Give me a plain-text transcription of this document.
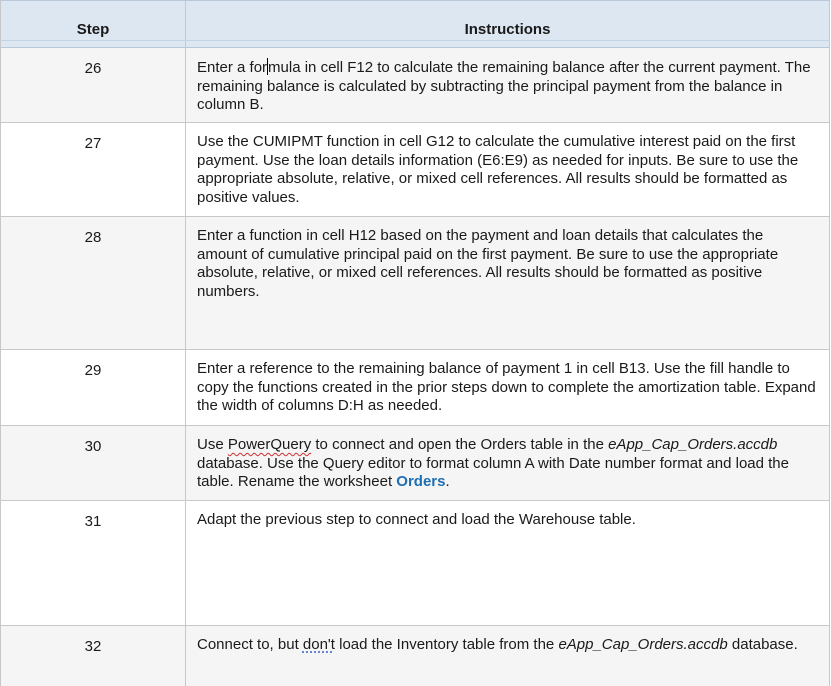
Step	Instructions
26	Enter a formula in cell F12 to calculate the remaining balance after the current payment. The remaining balance is calculated by subtracting the principal payment from the balance in column B.
27	Use the CUMIPMT function in cell G12 to calculate the cumulative interest paid on the first payment. Use the loan details information (E6:E9) as needed for inputs. Be sure to use the appropriate absolute, relative, or mixed cell references. All results should be formatted as positive values.
28	Enter a function in cell H12 based on the payment and loan details that calculates the amount of cumulative principal paid on the first payment. Be sure to use the appropriate absolute, relative, or mixed cell references. All results should be formatted as positive numbers.
29	Enter a reference to the remaining balance of payment 1 in cell B13. Use the fill handle to copy the functions created in the prior steps down to complete the amortization table. Expand the width of columns D:H as needed.
30	Use PowerQuery to connect and open the Orders table in the eApp_Cap_Orders.accdb database. Use the Query editor to format column A with Date number format and load the table. Rename the worksheet Orders.
31	Adapt the previous step to connect and load the Warehouse table.
32	Connect to, but don't load the Inventory table from the eApp_Cap_Orders.accdb database.
